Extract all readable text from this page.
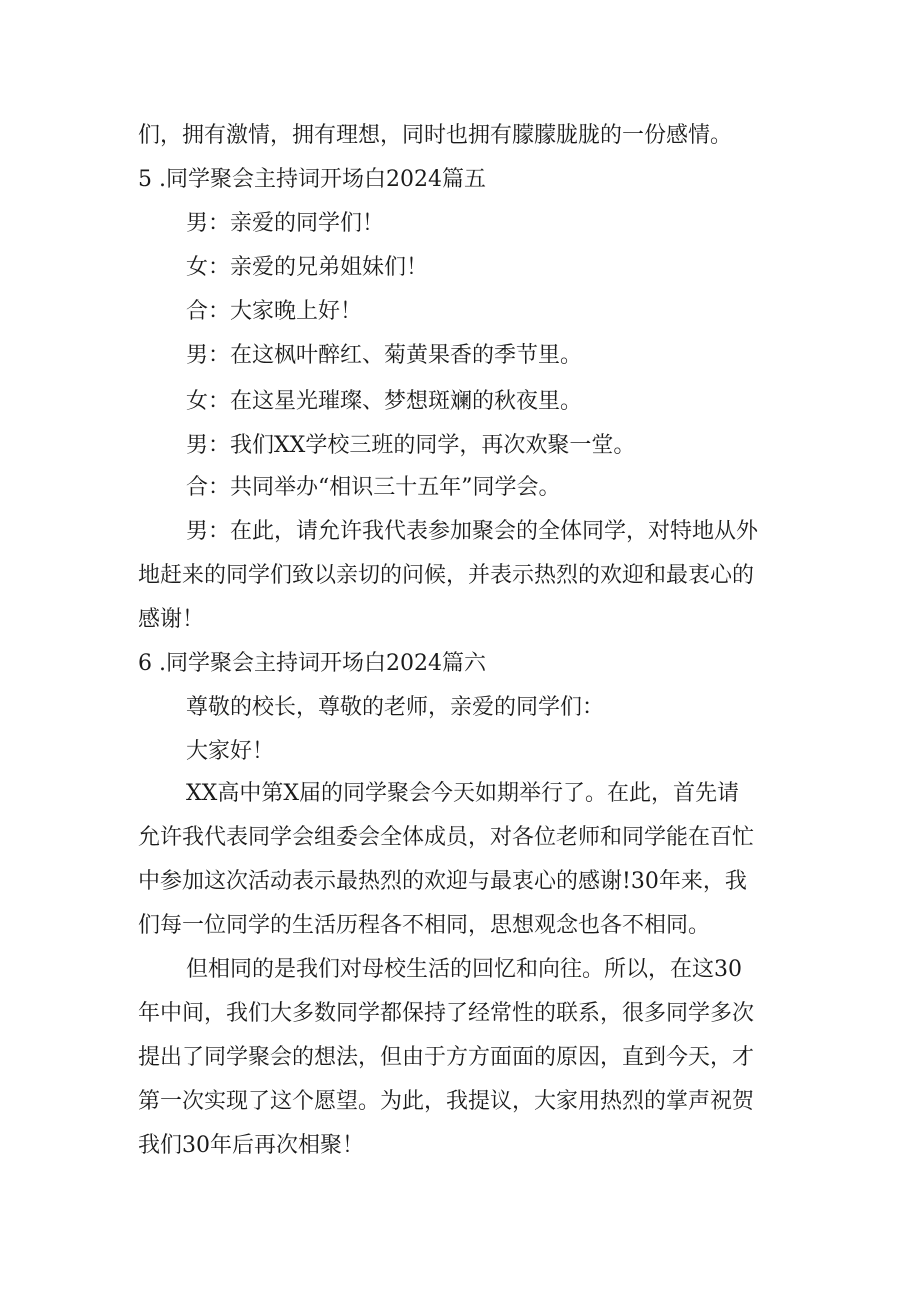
们，拥有激情，拥有理想，同时也拥有朦朦胧胧的一份感情。
5 .同学聚会主持词开场白2024篇五
男：亲爱的同学们！
女：亲爱的兄弟姐妹们！
合：大家晚上好！
男：在这枫叶醉红、菊黄果香的季节里。
女：在这星光璀璨、梦想斑斓的秋夜里。
男：我们XX学校三班的同学，再次欢聚一堂。
合：共同举办“相识三十五年”同学会。
男：在此，请允许我代表参加聚会的全体同学，对特地从外
地赶来的同学们致以亲切的问候，并表示热烈的欢迎和最衷心的
感谢！
6 .同学聚会主持词开场白2024篇六
尊敬的校长，尊敬的老师，亲爱的同学们：
大家好！
XX高中第X届的同学聚会今天如期举行了。在此，首先请
允许我代表同学会组委会全体成员，对各位老师和同学能在百忙
中参加这次活动表示最热烈的欢迎与最衷心的感谢!30年来，我
们每一位同学的生活历程各不相同，思想观念也各不相同。
但相同的是我们对母校生活的回忆和向往。所以，在这30
年中间，我们大多数同学都保持了经常性的联系，很多同学多次
提出了同学聚会的想法，但由于方方面面的原因，直到今天，才
第一次实现了这个愿望。为此，我提议，大家用热烈的掌声祝贺
我们30年后再次相聚！
